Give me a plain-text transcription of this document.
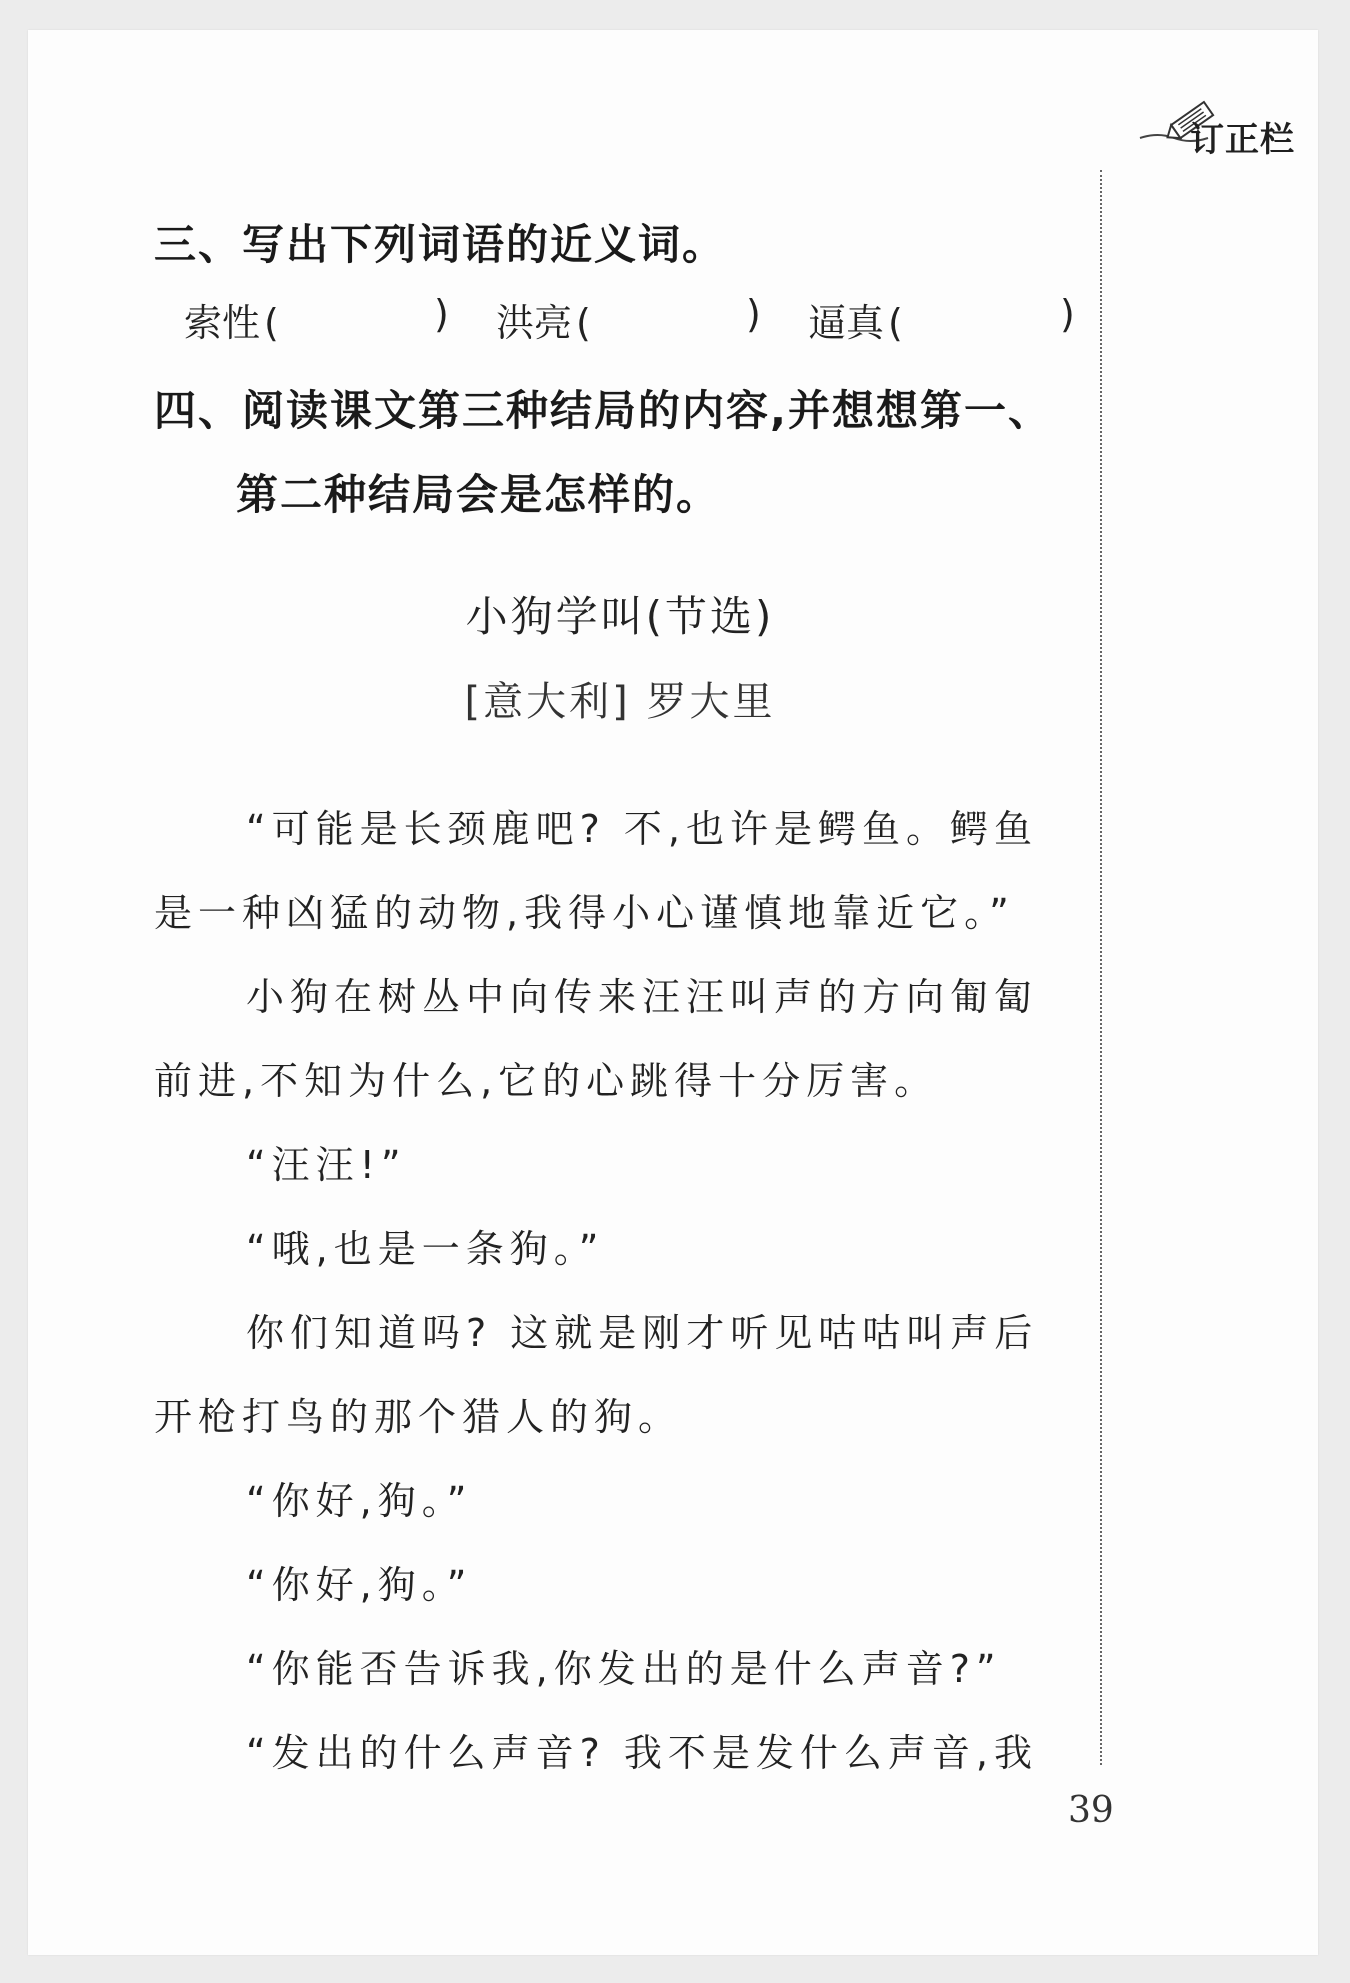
订正栏
三、写出下列词语的近义词。
索性 (	) 洪亮 (	) 逼真 (	)
四、阅读课文第三种结局的内容,并想想第一、
第二种结局会是怎样的。
小狗学叫(节选)
[意大利] 罗大里
“可能是长颈鹿吧? 不,也许是鳄鱼。鳄鱼
是一种凶猛的动物,我得小心谨慎地靠近它。”
小狗在树丛中向传来汪汪叫声的方向匍匐
前进,不知为什么,它的心跳得十分厉害。
“汪汪!”
“哦,也是一条狗。”
你们知道吗? 这就是刚才听见咕咕叫声后
开枪打鸟的那个猎人的狗。
“你好,狗。”
“你好,狗。”
“你能否告诉我,你发出的是什么声音?”
“发出的什么声音? 我不是发什么声音,我
39
